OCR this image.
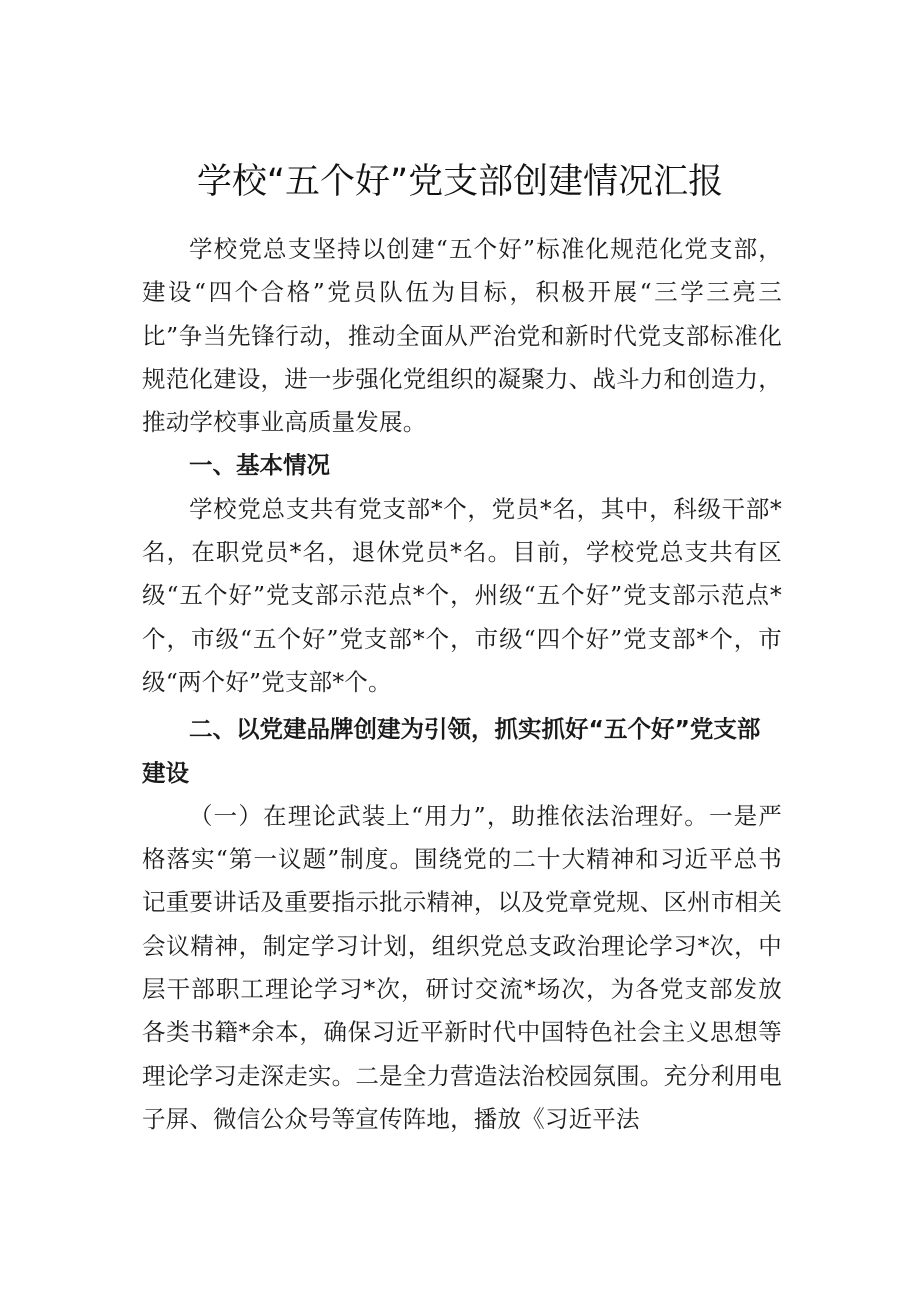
学校“五个好”党支部创建情况汇报

学校党总支坚持以创建“五个好”标准化规范化党支部，建设“四个合格”党员队伍为目标，积极开展“三学三亮三比”争当先锋行动，推动全面从严治党和新时代党支部标准化规范化建设，进一步强化党组织的凝聚力、战斗力和创造力，推动学校事业高质量发展。

一、基本情况

学校党总支共有党支部*个，党员*名，其中，科级干部*名，在职党员*名，退休党员*名。目前，学校党总支共有区级“五个好”党支部示范点*个，州级“五个好”党支部示范点*个，市级“五个好”党支部*个，市级“四个好”党支部*个，市级“两个好”党支部*个。

二、以党建品牌创建为引领，抓实抓好“五个好”党支部建设

（一）在理论武装上“用力”，助推依法治理好。一是严格落实“第一议题”制度。围绕党的二十大精神和习近平总书记重要讲话及重要指示批示精神，以及党章党规、区州市相关会议精神，制定学习计划，组织党总支政治理论学习*次，中层干部职工理论学习*次，研讨交流*场次，为各党支部发放各类书籍*余本，确保习近平新时代中国特色社会主义思想等理论学习走深走实。二是全力营造法治校园氛围。充分利用电子屏、微信公众号等宣传阵地，播放《习近平法
